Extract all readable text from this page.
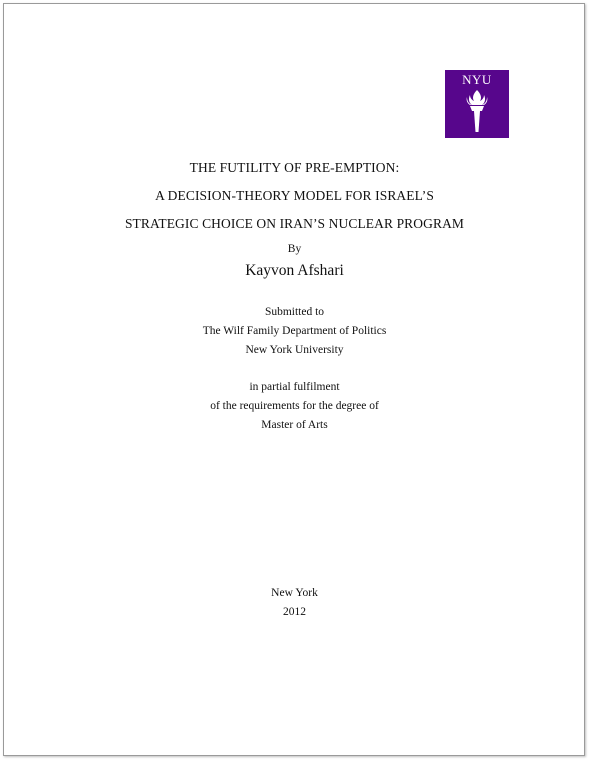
NYU
THE FUTILITY OF PRE-EMPTION:
A DECISION-THEORY MODEL FOR ISRAEL’S
STRATEGIC CHOICE ON IRAN’S NUCLEAR PROGRAM
By
Kayvon Afshari
Submitted to
The Wilf Family Department of Politics
New York University
in partial fulfilment
of the requirements for the degree of
Master of Arts
New York
2012
